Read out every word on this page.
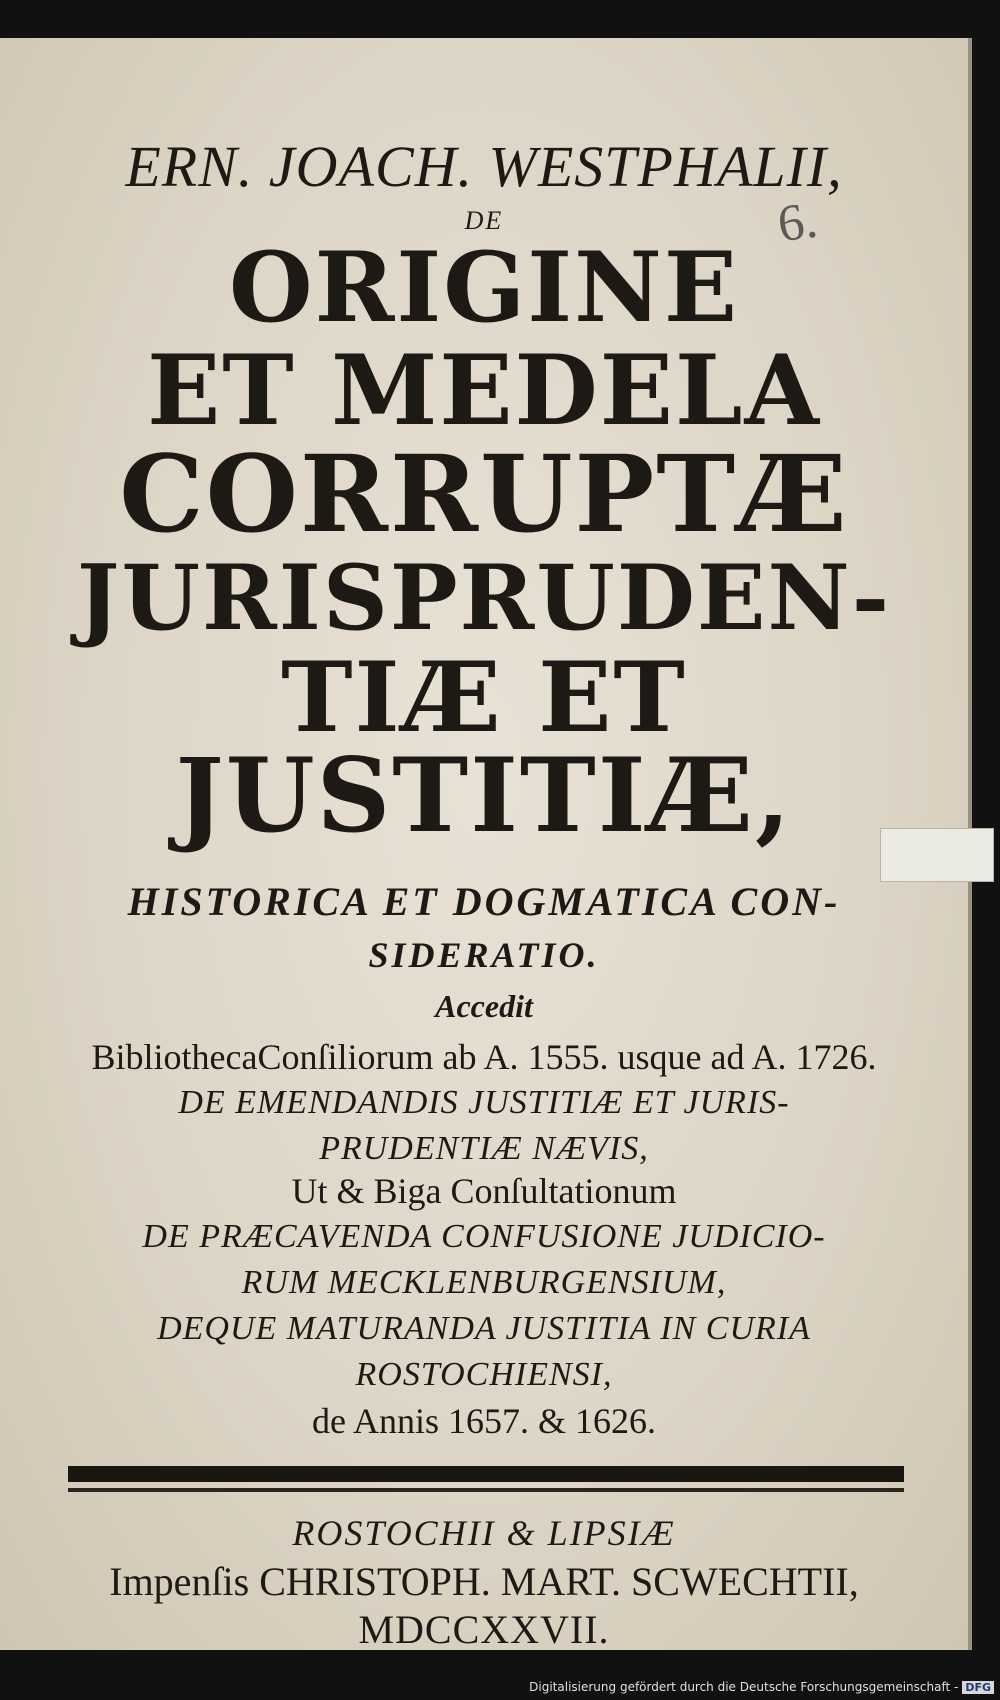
ERN. JOACH. WESTPHALII,
DE
ORIGINE
ET MEDELA
CORRUPTÆ
JURISPRUDEN-
TIÆ ET
JUSTITIÆ,
HISTORICA ET DOGMATICA CON-
SIDERATIO.
Accedit
BibliothecaConſiliorum ab A. 1555. usque ad A. 1726.
DE EMENDANDIS JUSTITIÆ ET JURIS-
PRUDENTIÆ NÆVIS,
Ut & Biga Conſultationum
DE PRÆCAVENDA CONFUSIONE JUDICIO-
RUM MECKLENBURGENSIUM,
DEQUE MATURANDA JUSTITIA IN CURIA
ROSTOCHIENSI,
de Annis 1657. & 1626.
ROSTOCHII & LIPSIÆ
Impenſis CHRISTOPH. MART. SCWECHTII,
MDCCXXVII.
6.
Digitalisierung gefördert durch die Deutsche Forschungsgemeinschaft - DFG
